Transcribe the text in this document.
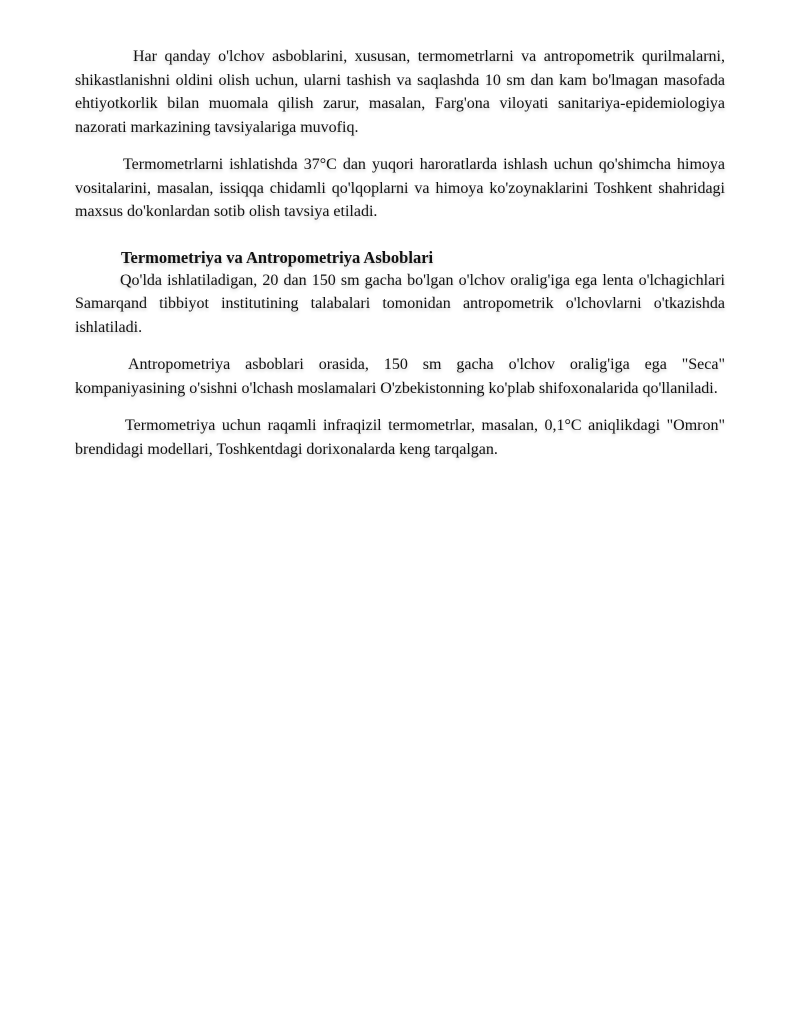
Har qanday o'lchov asboblarini, xususan, termometrlarni va antropometrik qurilmalarni, shikastlanishni oldini olish uchun, ularni tashish va saqlashda 10 sm dan kam bo'lmagan masofada ehtiyotkorlik bilan muomala qilish zarur, masalan, Farg'ona viloyati sanitariya-epidemiologiya nazorati markazining tavsiyalariga muvofiq.

Termometrlarni ishlatishda 37°C dan yuqori haroratlarda ishlash uchun qo'shimcha himoya vositalarini, masalan, issiqqa chidamli qo'lqoplarni va himoya ko'zoynaklarini Toshkent shahridagi maxsus do'konlardan sotib olish tavsiya etiladi.

Termometriya va Antropometriya Asboblari

Qo'lda ishlatiladigan, 20 dan 150 sm gacha bo'lgan o'lchov oralig'iga ega lenta o'lchagichlari Samarqand tibbiyot institutining talabalari tomonidan antropometrik o'lchovlarni o'tkazishda ishlatiladi.

Antropometriya asboblari orasida, 150 sm gacha o'lchov oralig'iga ega "Seca" kompaniyasining o'sishni o'lchash moslamalari O'zbekistonning ko'plab shifoxonalarida qo'llaniladi.

Termometriya uchun raqamli infraqizil termometrlar, masalan, 0,1°C aniqlikdagi "Omron" brendidagi modellari, Toshkentdagi dorixonalarda keng tarqalgan.
